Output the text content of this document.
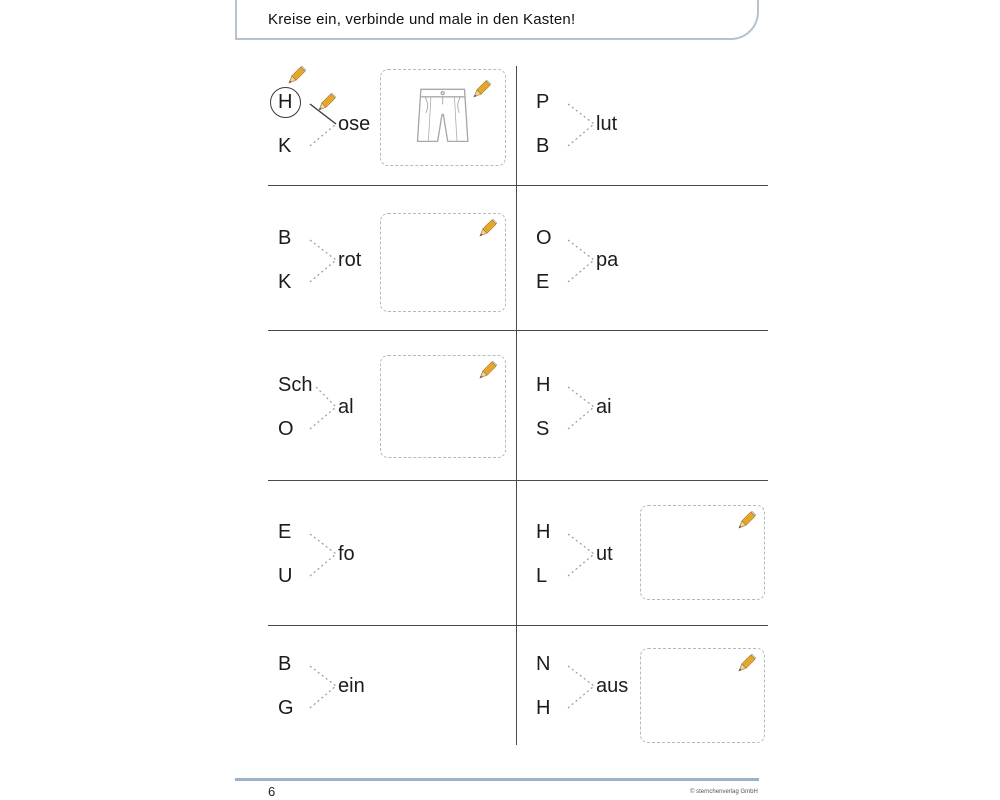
Kreise ein, verbinde und male in den Kasten!
H
K
ose
P
B
lut
B
K
rot
O
E
pa
Sch
O
al
H
S
ai
E
U
fo
H
L
ut
B
G
ein
N
H
aus
6	© sternchenverlag GmbH
